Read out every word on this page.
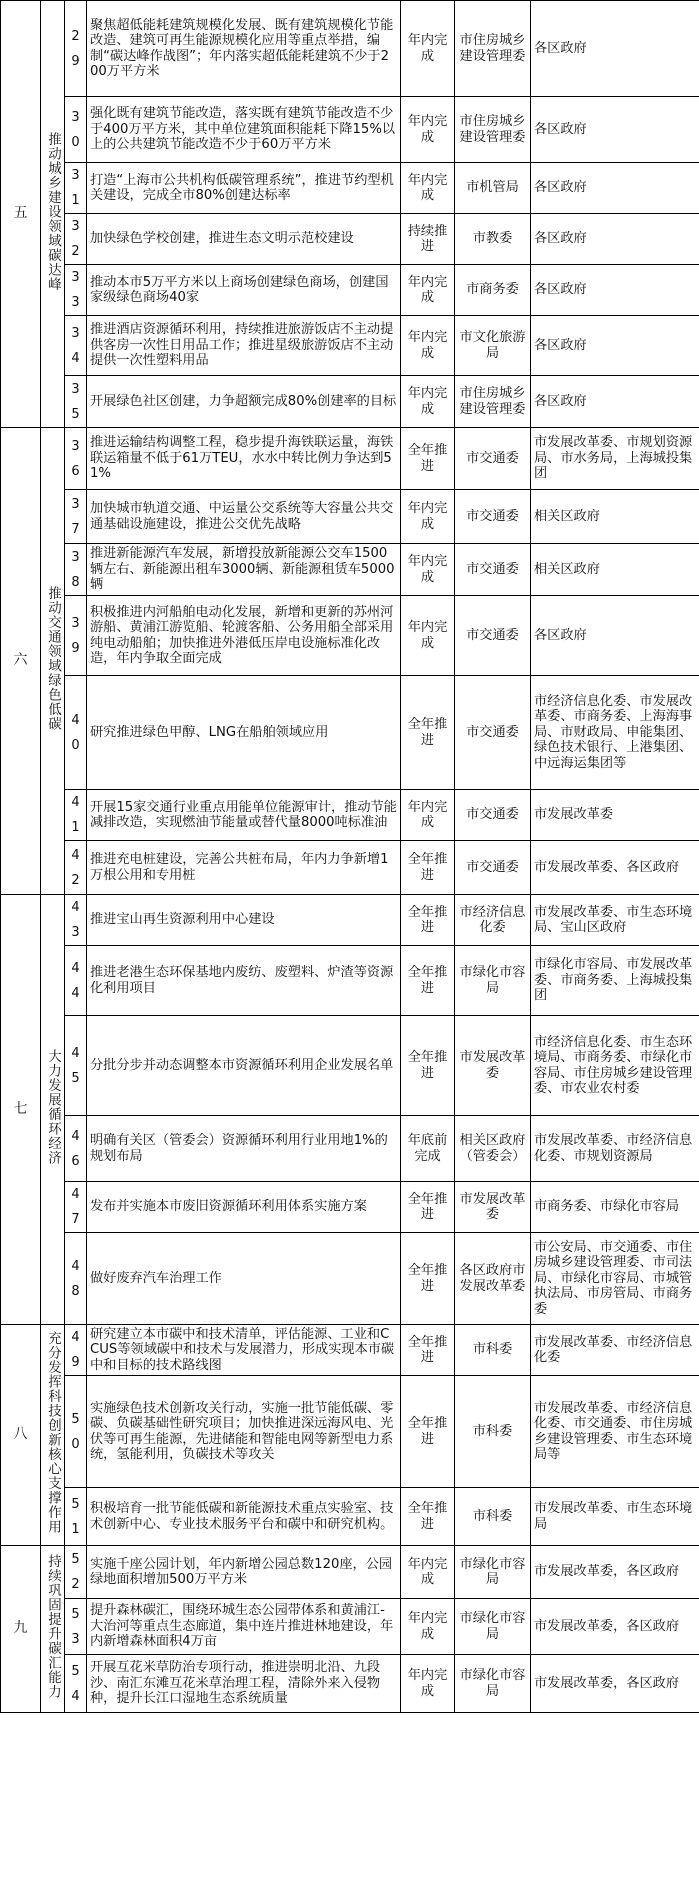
五	推动城乡建设领域碳达峰	29	聚焦超低能耗建筑规模化发展、既有建筑规模化节能改造、建筑可再生能源规模化应用等重点举措，编制“碳达峰作战图”；年内落实超低能耗建筑不少于200万平方米	年内完成	市住房城乡建设管理委	各区政府
		30	强化既有建筑节能改造，落实既有建筑节能改造不少于400万平方米，其中单位建筑面积能耗下降15%以上的公共建筑节能改造不少于60万平方米	年内完成	市住房城乡建设管理委	各区政府
		31	打造“上海市公共机构低碳管理系统”，推进节约型机关建设，完成全市80%创建达标率	年内完成	市机管局	各区政府
		32	加快绿色学校创建，推进生态文明示范校建设	持续推进	市教委	各区政府
		33	推动本市5万平方米以上商场创建绿色商场，创建国家级绿色商场40家	年内完成	市商务委	各区政府
		34	推进酒店资源循环利用，持续推进旅游饭店不主动提供客房一次性日用品工作；推进星级旅游饭店不主动提供一次性塑料用品	年内完成	市文化旅游局	各区政府
		35	开展绿色社区创建，力争超额完成80%创建率的目标	年内完成	市住房城乡建设管理委	各区政府
六	推动交通领域绿色低碳	36	推进运输结构调整工程，稳步提升海铁联运量，海铁联运箱量不低于61万TEU，水水中转比例力争达到51%	全年推进	市交通委	市发展改革委、市规划资源局、市水务局，上海城投集团
		37	加快城市轨道交通、中运量公交系统等大容量公共交通基础设施建设，推进公交优先战略	年内完成	市交通委	相关区政府
		38	推进新能源汽车发展，新增投放新能源公交车1500辆左右、新能源出租车3000辆、新能源租赁车5000辆	年内完成	市交通委	相关区政府
		39	积极推进内河船舶电动化发展，新增和更新的苏州河游船、黄浦江游览船、轮渡客船、公务用船全部采用纯电动船舶；加快推进外港低压岸电设施标准化改造，年内争取全面完成	年内完成	市交通委	各区政府
		40	研究推进绿色甲醇、LNG在船舶领域应用	全年推进	市交通委	市经济信息化委、市发展改革委、市商务委、上海海事局、市财政局、申能集团、绿色技术银行、上港集团、中远海运集团等
		41	开展15家交通行业重点用能单位能源审计，推动节能减排改造，实现燃油节能量或替代量8000吨标准油	年内完成	市交通委	市发展改革委
		42	推进充电桩建设，完善公共桩布局，年内力争新增1万根公用和专用桩	全年推进	市交通委	市发展改革委、各区政府
七	大力发展循环经济	43	推进宝山再生资源利用中心建设	全年推进	市经济信息化委	市发展改革委、市生态环境局、宝山区政府
		44	推进老港生态环保基地内废纺、废塑料、炉渣等资源化利用项目	全年推进	市绿化市容局	市绿化市容局、市发展改革委、市商务委、上海城投集团
		45	分批分步并动态调整本市资源循环利用企业发展名单	全年推进	市发展改革委	市经济信息化委、市生态环境局、市商务委、市绿化市容局、市住房城乡建设管理委、市农业农村委
		46	明确有关区（管委会）资源循环利用行业用地1%的规划布局	年底前完成	相关区政府（管委会）	市发展改革委、市经济信息化委、市规划资源局
		47	发布并实施本市废旧资源循环利用体系实施方案	全年推进	市发展改革委	市商务委、市绿化市容局
		48	做好废弃汽车治理工作	全年推进	各区政府市发展改革委	市公安局、市交通委、市住房城乡建设管理委、市司法局、市绿化市容局、市城管执法局、市房管局、市商务委
八	充分发挥科技创新核心支撑作用	49	研究建立本市碳中和技术清单，评估能源、工业和CCUS等领域碳中和技术与发展潜力，形成实现本市碳中和目标的技术路线图	全年推进	市科委	市发展改革委、市经济信息化委
		50	实施绿色技术创新攻关行动，实施一批节能低碳、零碳、负碳基础性研究项目；加快推进深远海风电、光伏等可再生能源，先进储能和智能电网等新型电力系统，氢能利用，负碳技术等攻关	全年推进	市科委	市发展改革委、市经济信息化委、市交通委、市住房城乡建设管理委、市生态环境局等
		51	积极培育一批节能低碳和新能源技术重点实验室、技术创新中心、专业技术服务平台和碳中和研究机构。	全年推进	市科委	市发展改革委、市生态环境局
九	持续巩固提升碳汇能力	52	实施千座公园计划，年内新增公园总数120座，公园绿地面积增加500万平方米	年内完成	市绿化市容局	市发展改革委，各区政府
		53	提升森林碳汇，围绕环城生态公园带体系和黄浦江-大治河等重点生态廊道，集中连片推进林地建设，年内新增森林面积4万亩	年内完成	市绿化市容局	市发展改革委，各区政府
		54	开展互花米草防治专项行动，推进崇明北沿、九段沙、南汇东滩互花米草治理工程，清除外来入侵物种，提升长江口湿地生态系统质量	年内完成	市绿化市容局	市发展改革委，各区政府
